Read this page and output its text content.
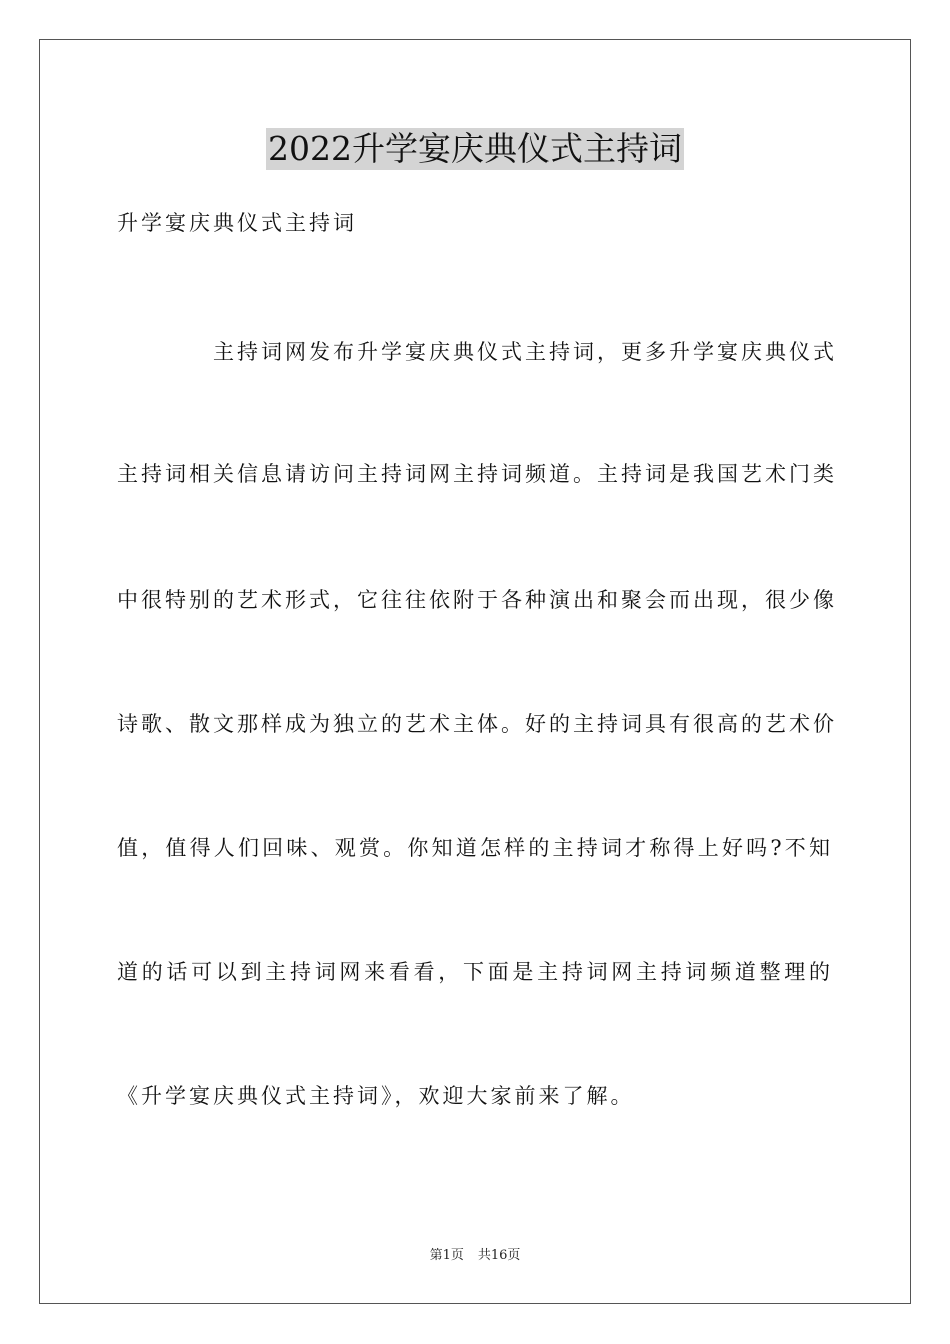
2022升学宴庆典仪式主持词
升学宴庆典仪式主持词
主持词网发布升学宴庆典仪式主持词，更多升学宴庆典仪式
主持词相关信息请访问主持词网主持词频道。主持词是我国艺术门类
中很特别的艺术形式，它往往依附于各种演出和聚会而出现，很少像
诗歌、散文那样成为独立的艺术主体。好的主持词具有很高的艺术价
值，值得人们回味、观赏。你知道怎样的主持词才称得上好吗?不知
道的话可以到主持词网来看看，下面是主持词网主持词频道整理的
《升学宴庆典仪式主持词》，欢迎大家前来了解。
第1页 共16页
